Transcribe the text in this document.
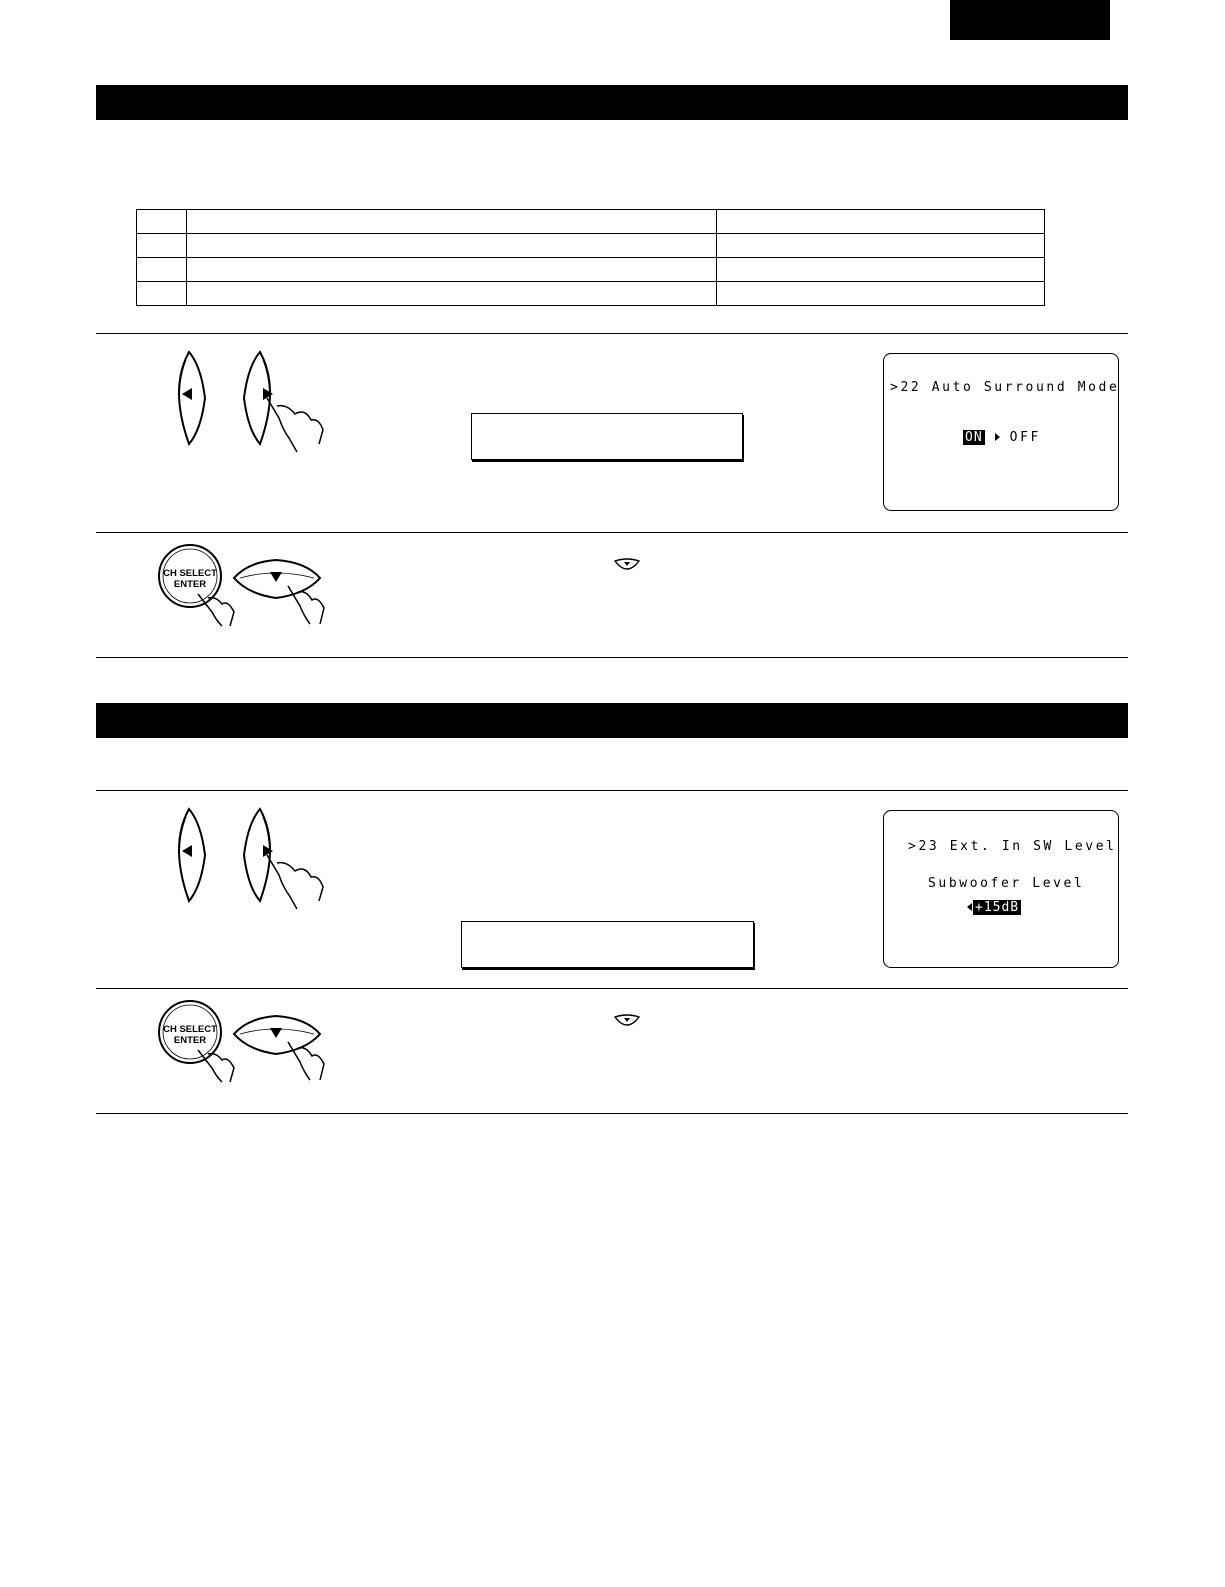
>22 Auto Surround Mode
ON OFF
CH SELECT
ENTER
>23 Ext. In SW Level
Subwoofer Level
+15dB
CH SELECT
ENTER
